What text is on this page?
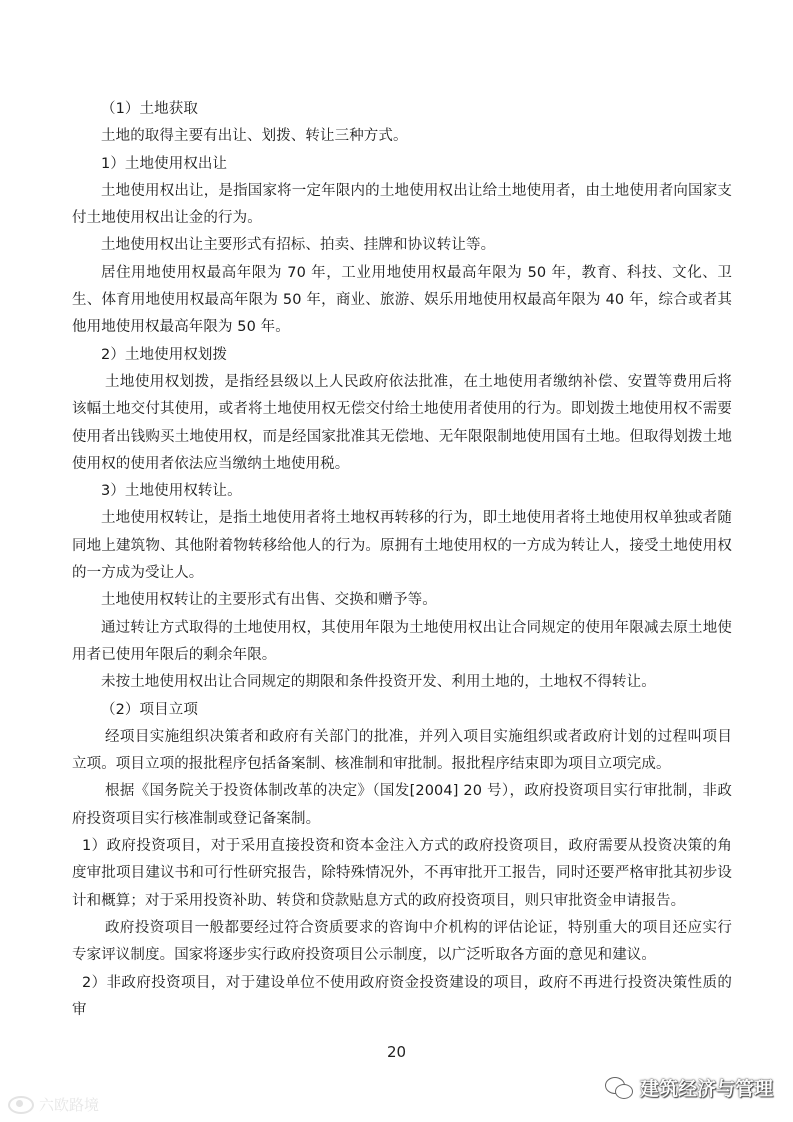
（1）土地获取

土地的取得主要有出让、划拨、转让三种方式。

1）土地使用权出让

土地使用权出让，是指国家将一定年限内的土地使用权出让给土地使用者，由土地使用者向国家支付土地使用权出让金的行为。

土地使用权出让主要形式有招标、拍卖、挂牌和协议转让等。

居住用地使用权最高年限为 70 年，工业用地使用权最高年限为 50 年，教育、科技、文化、卫生、体育用地使用权最高年限为 50 年，商业、旅游、娱乐用地使用权最高年限为 40 年，综合或者其他用地使用权最高年限为 50 年。

2）土地使用权划拨

土地使用权划拨，是指经县级以上人民政府依法批准，在土地使用者缴纳补偿、安置等费用后将该幅土地交付其使用，或者将土地使用权无偿交付给土地使用者使用的行为。即划拨土地使用权不需要使用者出钱购买土地使用权，而是经国家批准其无偿地、无年限限制地使用国有土地。但取得划拨土地使用权的使用者依法应当缴纳土地使用税。

3）土地使用权转让。

土地使用权转让，是指土地使用者将土地权再转移的行为，即土地使用者将土地使用权单独或者随同地上建筑物、其他附着物转移给他人的行为。原拥有土地使用权的一方成为转让人，接受土地使用权的一方成为受让人。

土地使用权转让的主要形式有出售、交换和赠予等。

通过转让方式取得的土地使用权，其使用年限为土地使用权出让合同规定的使用年限减去原土地使用者已使用年限后的剩余年限。

未按土地使用权出让合同规定的期限和条件投资开发、利用土地的，土地权不得转让。

（2）项目立项

经项目实施组织决策者和政府有关部门的批准，并列入项目实施组织或者政府计划的过程叫项目立项。项目立项的报批程序包括备案制、核准制和审批制。报批程序结束即为项目立项完成。

根据《国务院关于投资体制改革的决定》（国发[2004] 20 号），政府投资项目实行审批制，非政府投资项目实行核准制或登记备案制。

1）政府投资项目，对于采用直接投资和资本金注入方式的政府投资项目，政府需要从投资决策的角度审批项目建议书和可行性研究报告，除特殊情况外，不再审批开工报告，同时还要严格审批其初步设计和概算；对于采用投资补助、转贷和贷款贴息方式的政府投资项目，则只审批资金申请报告。

政府投资项目一般都要经过符合资质要求的咨询中介机构的评估论证，特别重大的项目还应实行专家评议制度。国家将逐步实行政府投资项目公示制度，以广泛听取各方面的意见和建议。

2）非政府投资项目，对于建设单位不使用政府资金投资建设的项目，政府不再进行投资决策性质的审

20
六欧路境
建筑经济与管理
